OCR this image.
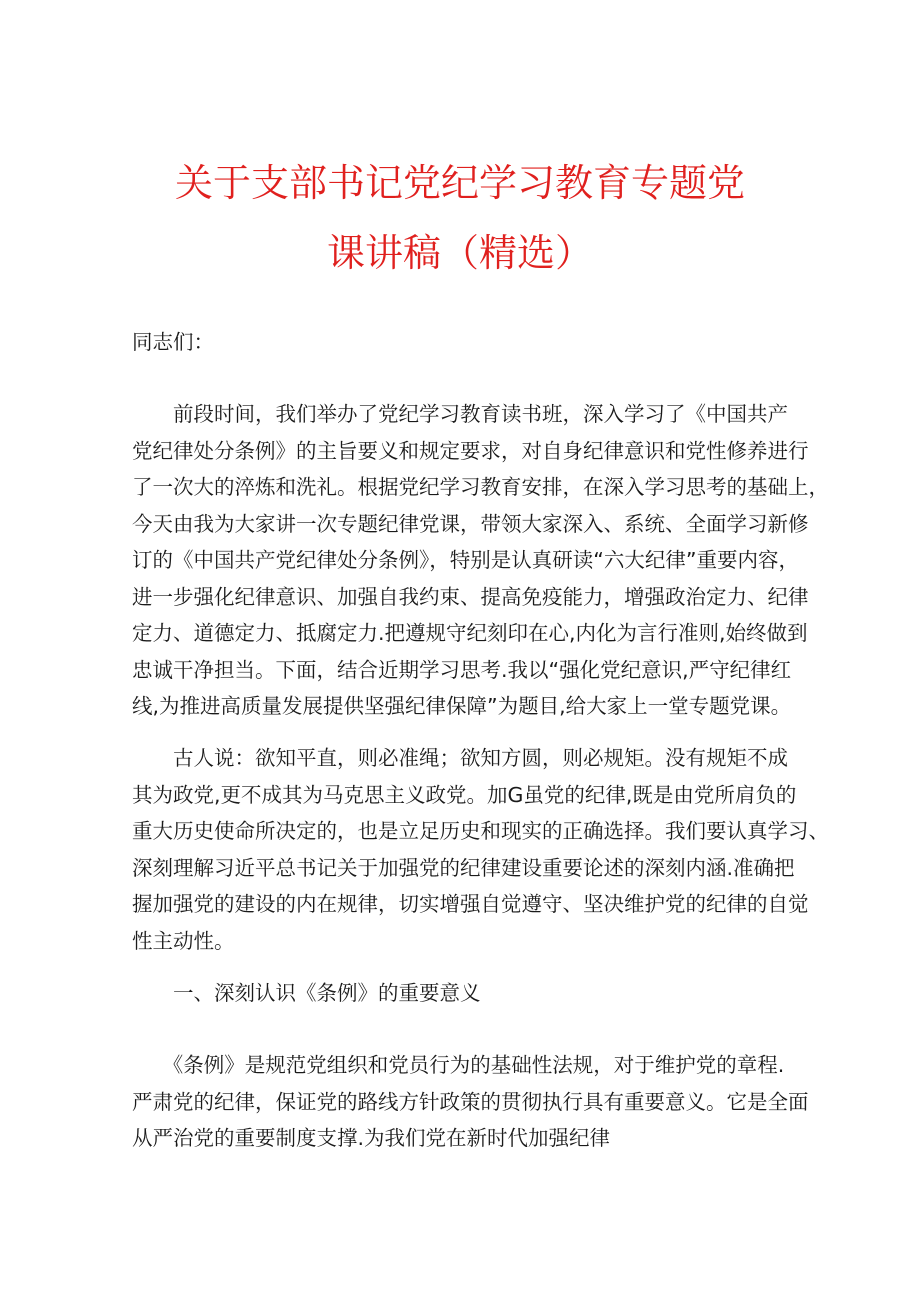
关于支部书记党纪学习教育专题党
课讲稿（精选）

同志们：

　　前段时间，我们举办了党纪学习教育读书班，深入学习了《中国共产
党纪律处分条例》的主旨要义和规定要求，对自身纪律意识和党性修养进行
了一次大的淬炼和洗礼。根据党纪学习教育安排，在深入学习思考的基础上，
今天由我为大家讲一次专题纪律党课，带领大家深入、系统、全面学习新修
订的《中国共产党纪律处分条例》，特别是认真研读“六大纪律”重要内容，
进一步强化纪律意识、加强自我约束、提高免疫能力，增强政治定力、纪律
定力、道德定力、抵腐定力.把遵规守纪刻印在心,内化为言行准则,始终做到
忠诚干净担当。下面，结合近期学习思考.我以“强化党纪意识,严守纪律红
线,为推进高质量发展提供坚强纪律保障”为题目,给大家上一堂专题党课。

　　古人说：欲知平直，则必准绳；欲知方圆，则必规矩。没有规矩不成
其为政党,更不成其为马克思主义政党。加G虽党的纪律,既是由党所肩负的
重大历史使命所决定的，也是立足历史和现实的正确选择。我们要认真学习、
深刻理解习近平总书记关于加强党的纪律建设重要论述的深刻内涵.准确把
握加强党的建设的内在规律，切实增强自觉遵守、坚决维护党的纪律的自觉
性主动性。

　　一、深刻认识《条例》的重要意义

　　《条例》是规范党组织和党员行为的基础性法规，对于维护党的章程.
严肃党的纪律，保证党的路线方针政策的贯彻执行具有重要意义。它是全面
从严治党的重要制度支撑.为我们党在新时代加强纪律
